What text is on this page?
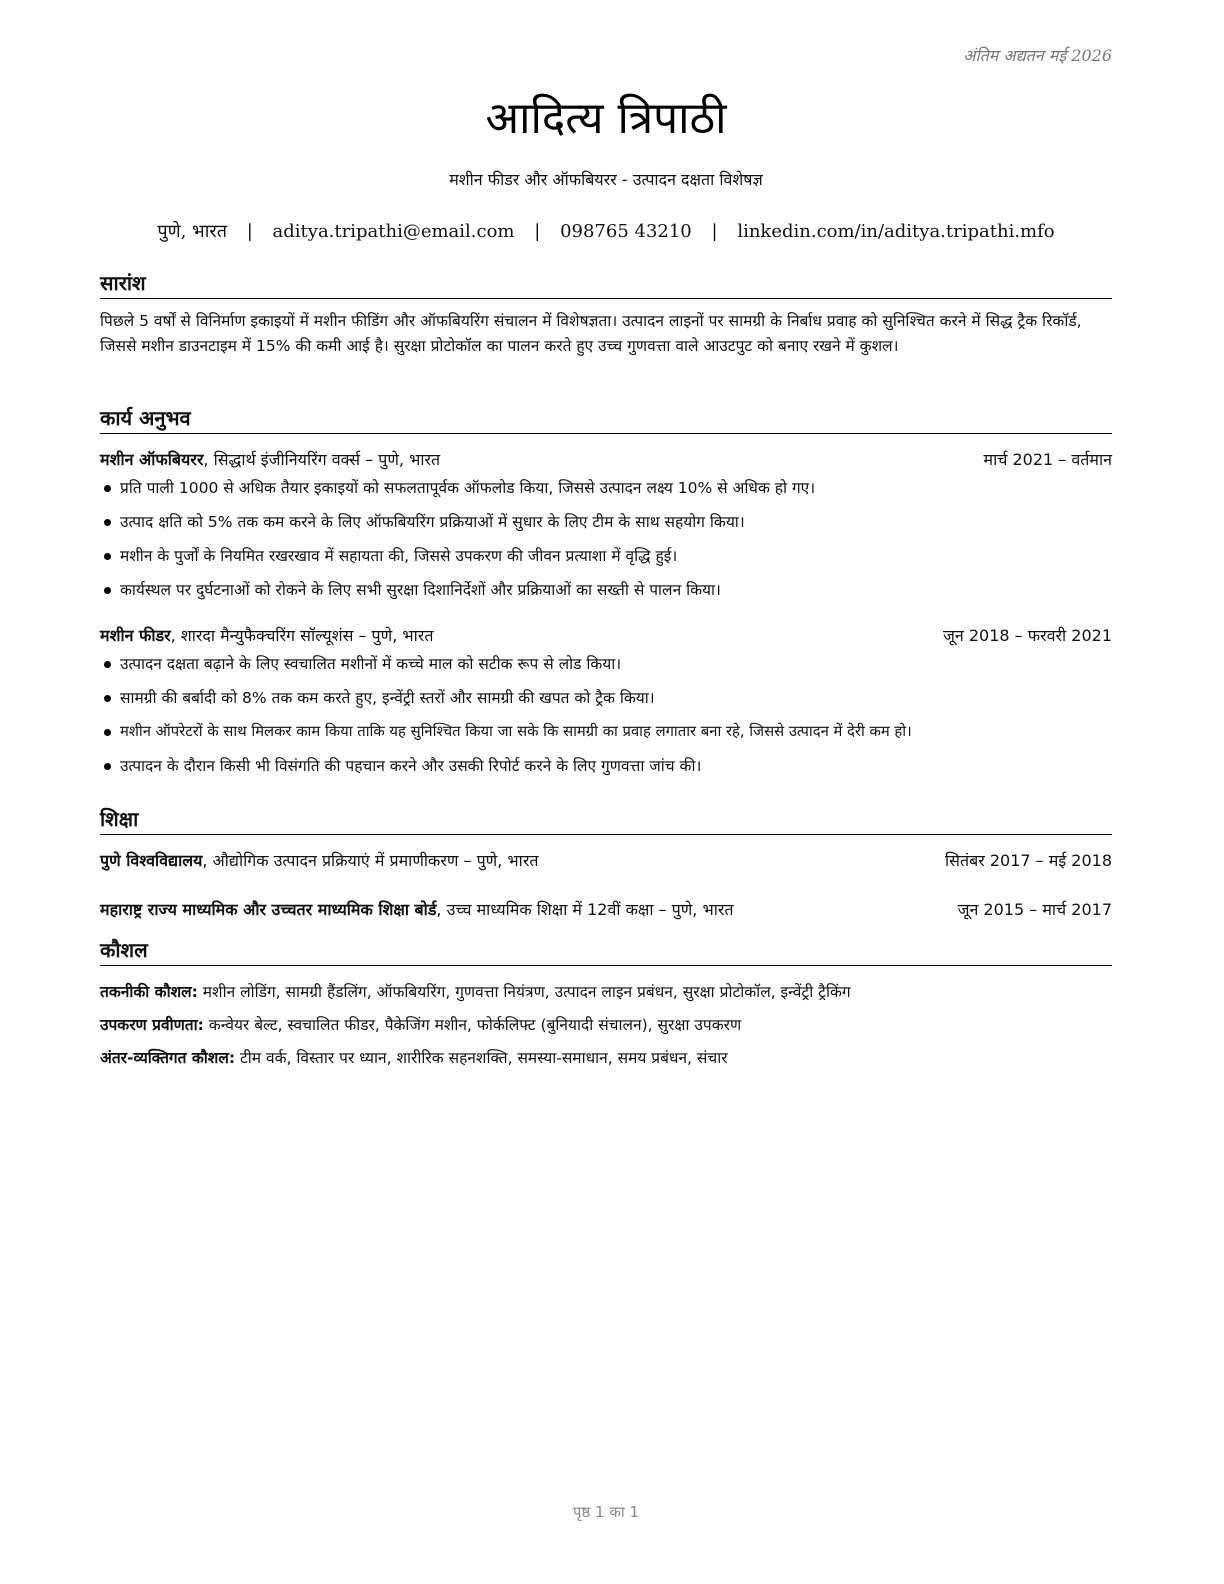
अंतिम अद्यतन मई 2026
आदित्य त्रिपाठी
मशीन फीडर और ऑफबियरर - उत्पादन दक्षता विशेषज्ञ
पुणे, भारत | aditya.tripathi@email.com | 098765 43210 | linkedin.com/in/aditya.tripathi.mfo
सारांश
पिछले 5 वर्षों से विनिर्माण इकाइयों में मशीन फीडिंग और ऑफबियरिंग संचालन में विशेषज्ञता। उत्पादन लाइनों पर सामग्री के निर्बाध प्रवाह को सुनिश्चित करने में सिद्ध ट्रैक रिकॉर्ड, जिससे मशीन डाउनटाइम में 15% की कमी आई है। सुरक्षा प्रोटोकॉल का पालन करते हुए उच्च गुणवत्ता वाले आउटपुट को बनाए रखने में कुशल।
कार्य अनुभव
मशीन ऑफबियरर, सिद्धार्थ इंजीनियरिंग वर्क्स – पुणे, भारत	मार्च 2021 – वर्तमान
प्रति पाली 1000 से अधिक तैयार इकाइयों को सफलतापूर्वक ऑफलोड किया, जिससे उत्पादन लक्ष्य 10% से अधिक हो गए।
उत्पाद क्षति को 5% तक कम करने के लिए ऑफबियरिंग प्रक्रियाओं में सुधार के लिए टीम के साथ सहयोग किया।
मशीन के पुर्जों के नियमित रखरखाव में सहायता की, जिससे उपकरण की जीवन प्रत्याशा में वृद्धि हुई।
कार्यस्थल पर दुर्घटनाओं को रोकने के लिए सभी सुरक्षा दिशानिर्देशों और प्रक्रियाओं का सख्ती से पालन किया।
मशीन फीडर, शारदा मैन्युफैक्चरिंग सॉल्यूशंस – पुणे, भारत	जून 2018 – फरवरी 2021
उत्पादन दक्षता बढ़ाने के लिए स्वचालित मशीनों में कच्चे माल को सटीक रूप से लोड किया।
सामग्री की बर्बादी को 8% तक कम करते हुए, इन्वेंट्री स्तरों और सामग्री की खपत को ट्रैक किया।
मशीन ऑपरेटरों के साथ मिलकर काम किया ताकि यह सुनिश्चित किया जा सके कि सामग्री का प्रवाह लगातार बना रहे, जिससे उत्पादन में देरी कम हो।
उत्पादन के दौरान किसी भी विसंगति की पहचान करने और उसकी रिपोर्ट करने के लिए गुणवत्ता जांच की।
शिक्षा
पुणे विश्वविद्यालय, औद्योगिक उत्पादन प्रक्रियाएं में प्रमाणीकरण – पुणे, भारत	सितंबर 2017 – मई 2018
महाराष्ट्र राज्य माध्यमिक और उच्चतर माध्यमिक शिक्षा बोर्ड, उच्च माध्यमिक शिक्षा में 12वीं कक्षा – पुणे, भारत	जून 2015 – मार्च 2017
कौशल
तकनीकी कौशल: मशीन लोडिंग, सामग्री हैंडलिंग, ऑफबियरिंग, गुणवत्ता नियंत्रण, उत्पादन लाइन प्रबंधन, सुरक्षा प्रोटोकॉल, इन्वेंट्री ट्रैकिंग
उपकरण प्रवीणता: कन्वेयर बेल्ट, स्वचालित फीडर, पैकेजिंग मशीन, फोर्कलिफ्ट (बुनियादी संचालन), सुरक्षा उपकरण
अंतर-व्यक्तिगत कौशल: टीम वर्क, विस्तार पर ध्यान, शारीरिक सहनशक्ति, समस्या-समाधान, समय प्रबंधन, संचार
पृष्ठ 1 का 1
